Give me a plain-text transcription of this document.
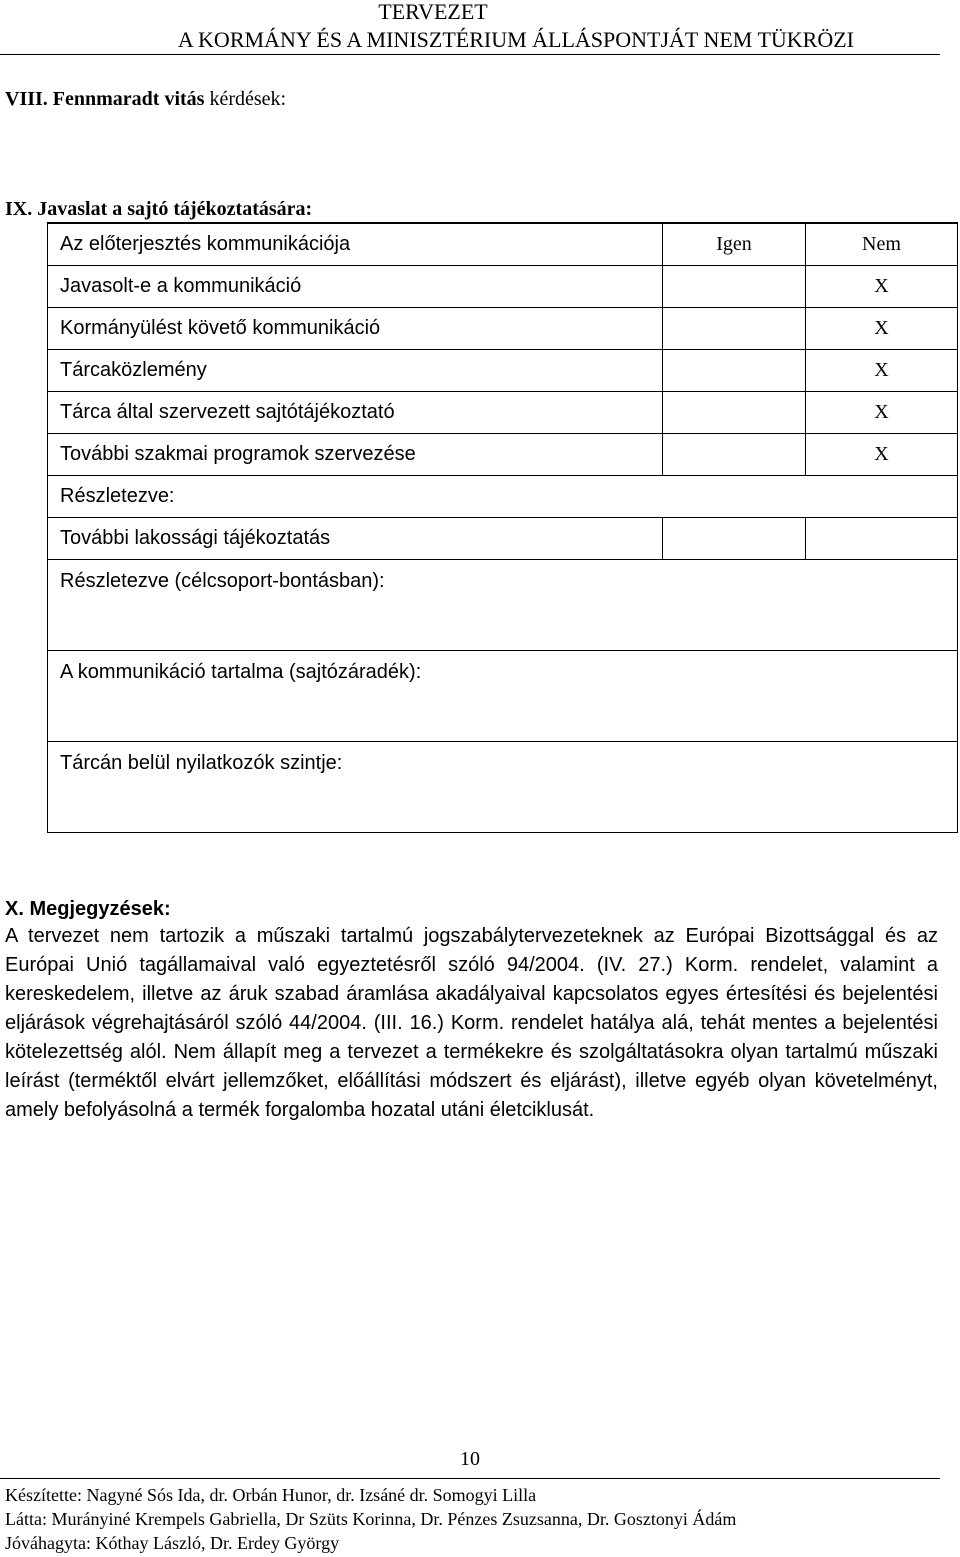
TERVEZET
A KORMÁNY ÉS A MINISZTÉRIUM ÁLLÁSPONTJÁT NEM TÜKRÖZI
VIII. Fennmaradt vitás kérdések:
IX. Javaslat a sajtó tájékoztatására:
Az előterjesztés kommunikációja	Igen	Nem
Javasolt-e a kommunikáció		X
Kormányülést követő kommunikáció		X
Tárcaközlemény		X
Tárca által szervezett sajtótájékoztató		X
További szakmai programok szervezése		X
Részletezve:		
További lakossági tájékoztatás		
Részletezve (célcsoport-bontásban):		
A kommunikáció tartalma (sajtózáradék):		
Tárcán belül nyilatkozók szintje:		
X. Megjegyzések:
A tervezet nem tartozik a műszaki tartalmú jogszabálytervezeteknek az Európai Bizottsággal és az Európai Unió tagállamaival való egyeztetésről szóló 94/2004. (IV. 27.) Korm. rendelet, valamint a kereskedelem, illetve az áruk szabad áramlása akadályaival kapcsolatos egyes értesítési és bejelentési eljárások végrehajtásáról szóló 44/2004. (III. 16.) Korm. rendelet hatálya alá, tehát mentes a bejelentési kötelezettség alól. Nem állapít meg a tervezet a termékekre és szolgáltatásokra olyan tartalmú műszaki leírást (terméktől elvárt jellemzőket, előállítási módszert és eljárást), illetve egyéb olyan követelményt, amely befolyásolná a termék forgalomba hozatal utáni életciklusát.
10
Készítette: Nagyné Sós Ida, dr. Orbán Hunor, dr. Izsáné dr. Somogyi Lilla
Látta: Murányiné Krempels Gabriella, Dr Szüts Korinna, Dr. Pénzes Zsuzsanna, Dr. Gosztonyi Ádám
Jóváhagyta: Kóthay László, Dr. Erdey György
